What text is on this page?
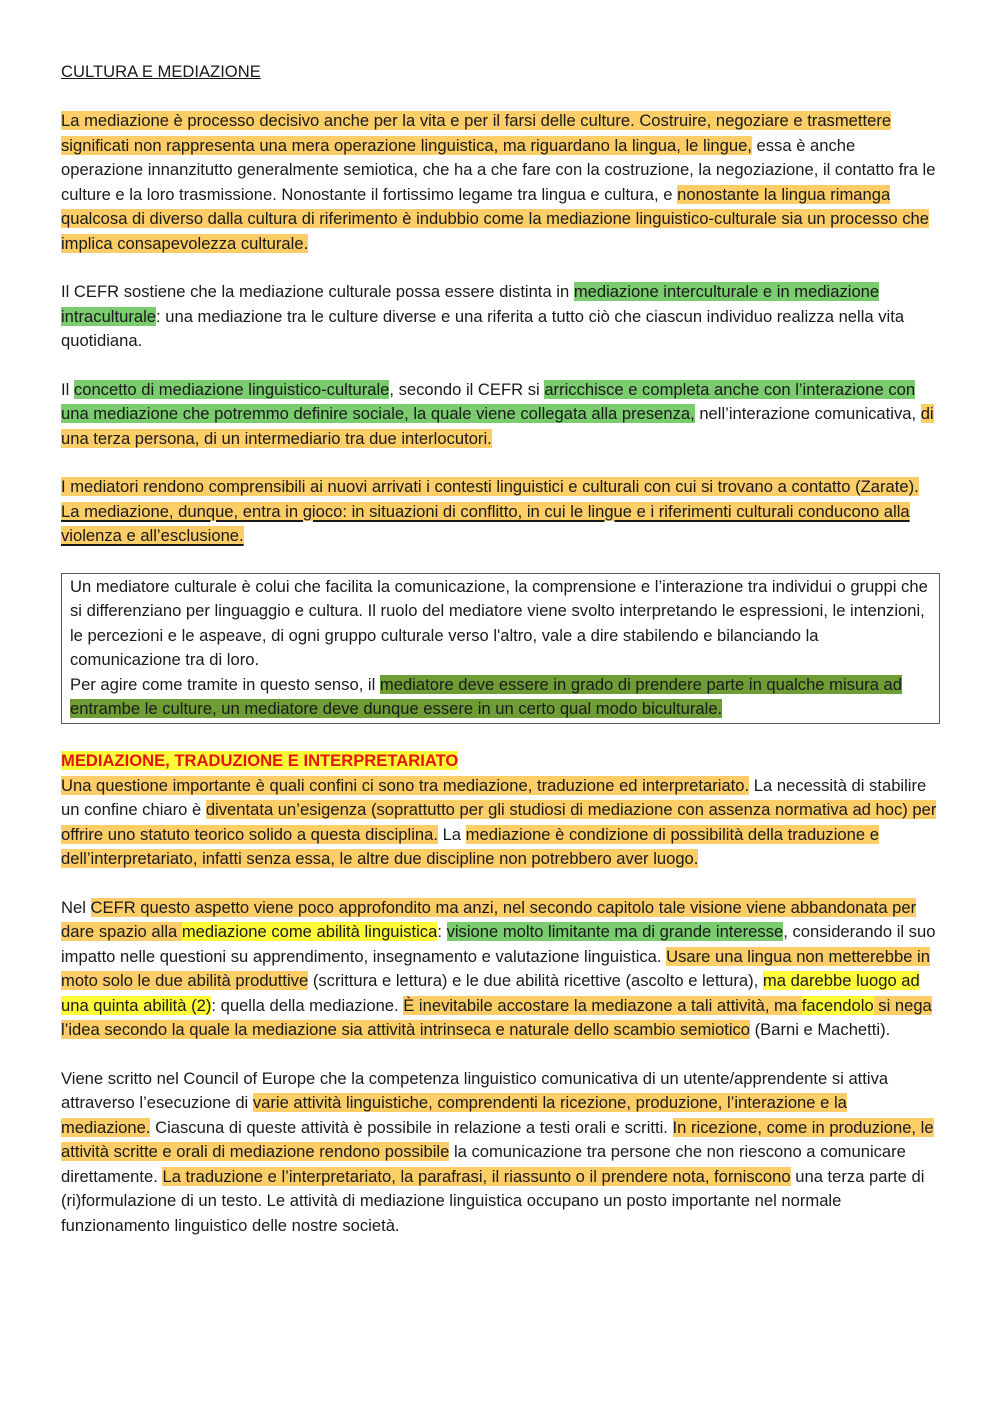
CULTURA E MEDIAZIONE

La mediazione è processo decisivo anche per la vita e per il farsi delle culture. Costruire, negoziare e trasmettere significati non rappresenta una mera operazione linguistica, ma riguardano la lingua, le lingue, essa è anche operazione innanzitutto generalmente semiotica, che ha a che fare con la costruzione, la negoziazione, il contatto fra le culture e la loro trasmissione. Nonostante il fortissimo legame tra lingua e cultura, e nonostante la lingua rimanga qualcosa di diverso dalla cultura di riferimento è indubbio come la mediazione linguistico-culturale sia un processo che implica consapevolezza culturale.

Il CEFR sostiene che la mediazione culturale possa essere distinta in mediazione interculturale e in mediazione intraculturale: una mediazione tra le culture diverse e una riferita a tutto ciò che ciascun individuo realizza nella vita quotidiana.

Il concetto di mediazione linguistico-culturale, secondo il CEFR si arricchisce e completa anche con l’interazione con una mediazione che potremmo definire sociale, la quale viene collegata alla presenza, nell’interazione comunicativa, di una terza persona, di un intermediario tra due interlocutori.

I mediatori rendono comprensibili ai nuovi arrivati i contesti linguistici e culturali con cui si trovano a contatto (Zarate). La mediazione, dunque, entra in gioco: in situazioni di conflitto, in cui le lingue e i riferimenti culturali conducono alla violenza e all’esclusione.

Un mediatore culturale è colui che facilita la comunicazione, la comprensione e l’interazione tra individui o gruppi che si differenziano per linguaggio e cultura. Il ruolo del mediatore viene svolto interpretando le espressioni, le intenzioni, le percezioni e le aspeave, di ogni gruppo culturale verso l'altro, vale a dire stabilendo e bilanciando la comunicazione tra di loro.
Per agire come tramite in questo senso, il mediatore deve essere in grado di prendere parte in qualche misura ad entrambe le culture, un mediatore deve dunque essere in un certo qual modo biculturale.
MEDIAZIONE, TRADUZIONE E INTERPRETARIATO

Una questione importante è quali confini ci sono tra mediazione, traduzione ed interpretariato. La necessità di stabilire un confine chiaro è diventata un’esigenza (soprattutto per gli studiosi di mediazione con assenza normativa ad hoc) per offrire uno statuto teorico solido a questa disciplina. La mediazione è condizione di possibilità della traduzione e dell’interpretariato, infatti senza essa, le altre due discipline non potrebbero aver luogo.

Nel CEFR questo aspetto viene poco approfondito ma anzi, nel secondo capitolo tale visione viene abbandonata per dare spazio alla mediazione come abilità linguistica: visione molto limitante ma di grande interesse, considerando il suo impatto nelle questioni su apprendimento, insegnamento e valutazione linguistica. Usare una lingua non metterebbe in moto solo le due abilità produttive (scrittura e lettura) e le due abilità ricettive (ascolto e lettura), ma darebbe luogo ad una quinta abilità (2): quella della mediazione. È inevitabile accostare la mediazone a tali attività, ma facendolo si nega l’idea secondo la quale la mediazione sia attività intrinseca e naturale dello scambio semiotico (Barni e Machetti).

Viene scritto nel Council of Europe che la competenza linguistico comunicativa di un utente/apprendente si attiva attraverso l’esecuzione di varie attività linguistiche, comprendenti la ricezione, produzione, l’interazione e la mediazione. Ciascuna di queste attività è possibile in relazione a testi orali e scritti. In ricezione, come in produzione, le attività scritte e orali di mediazione rendono possibile la comunicazione tra persone che non riescono a comunicare direttamente. La traduzione e l’interpretariato, la parafrasi, il riassunto o il prendere nota, forniscono una terza parte di (ri)formulazione di un testo. Le attività di mediazione linguistica occupano un posto importante nel normale funzionamento linguistico delle nostre società.
